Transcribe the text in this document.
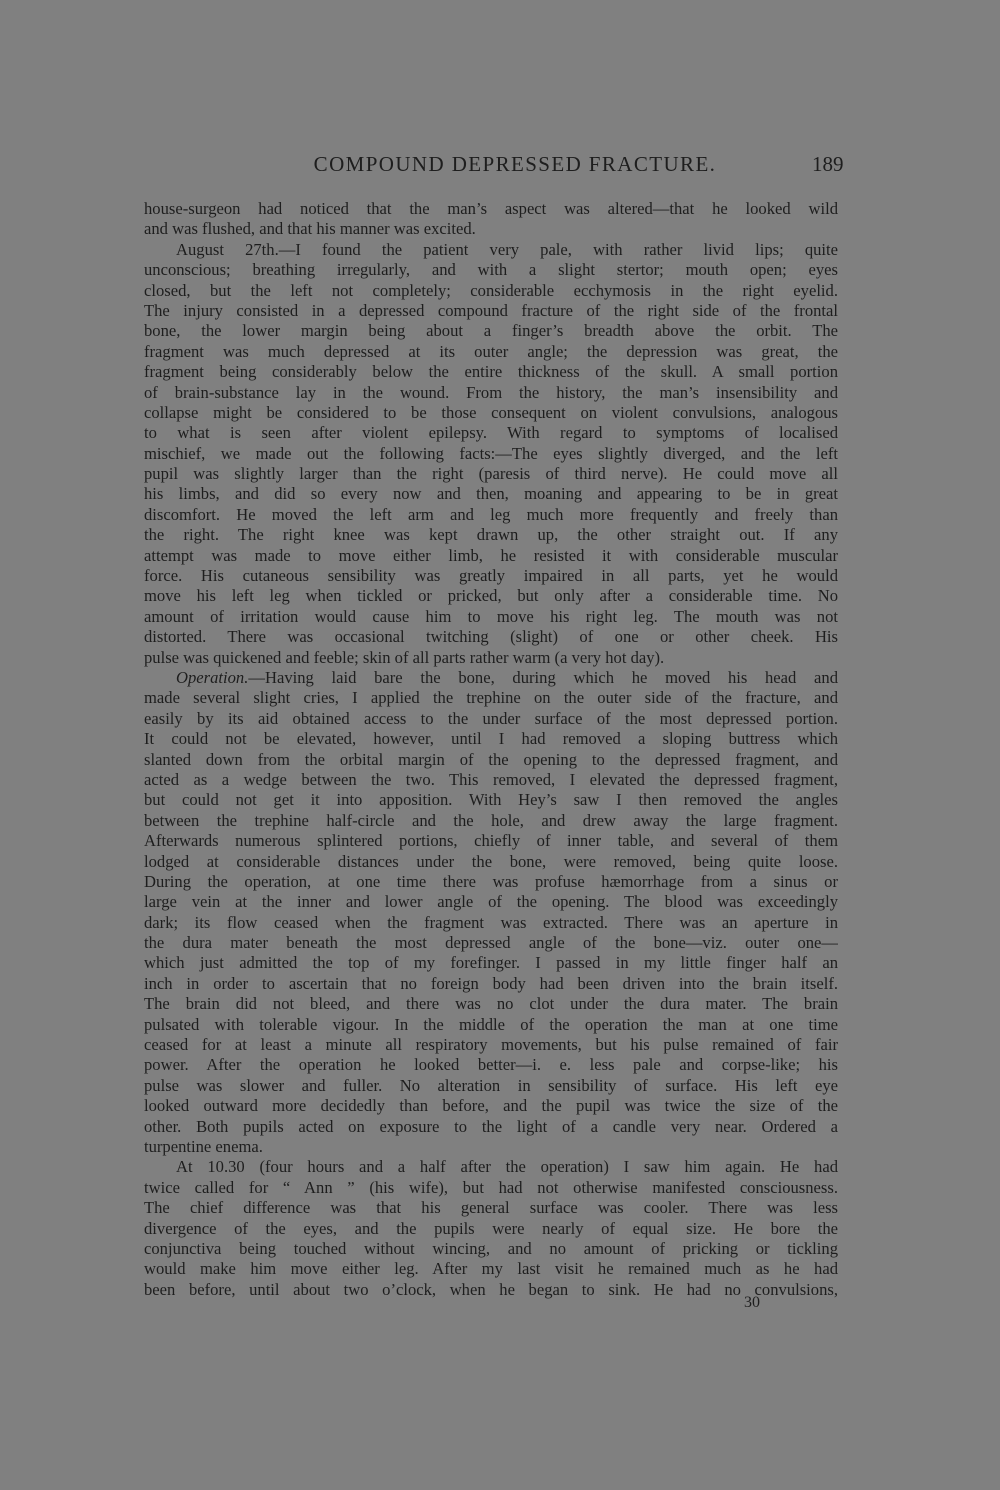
COMPOUND DEPRESSED FRACTURE.	189
house-surgeon had noticed that the man’s aspect was altered—that he looked wild
and was flushed, and that his manner was excited.
August 27th.—I found the patient very pale, with rather livid lips; quite
unconscious; breathing irregularly, and with a slight stertor; mouth open; eyes
closed, but the left not completely; considerable ecchymosis in the right eyelid.
The injury consisted in a depressed compound fracture of the right side of the frontal
bone, the lower margin being about a finger’s breadth above the orbit. The
fragment was much depressed at its outer angle; the depression was great, the
fragment being considerably below the entire thickness of the skull. A small portion
of brain-substance lay in the wound. From the history, the man’s insensibility and
collapse might be considered to be those consequent on violent convulsions, analogous
to what is seen after violent epilepsy. With regard to symptoms of localised
mischief, we made out the following facts:—The eyes slightly diverged, and the left
pupil was slightly larger than the right (paresis of third nerve). He could move all
his limbs, and did so every now and then, moaning and appearing to be in great
discomfort. He moved the left arm and leg much more frequently and freely than
the right. The right knee was kept drawn up, the other straight out. If any
attempt was made to move either limb, he resisted it with considerable muscular
force. His cutaneous sensibility was greatly impaired in all parts, yet he would
move his left leg when tickled or pricked, but only after a considerable time. No
amount of irritation would cause him to move his right leg. The mouth was not
distorted. There was occasional twitching (slight) of one or other cheek. His
pulse was quickened and feeble; skin of all parts rather warm (a very hot day).
Operation.—Having laid bare the bone, during which he moved his head and
made several slight cries, I applied the trephine on the outer side of the fracture, and
easily by its aid obtained access to the under surface of the most depressed portion.
It could not be elevated, however, until I had removed a sloping buttress which
slanted down from the orbital margin of the opening to the depressed fragment, and
acted as a wedge between the two. This removed, I elevated the depressed fragment,
but could not get it into apposition. With Hey’s saw I then removed the angles
between the trephine half-circle and the hole, and drew away the large fragment.
Afterwards numerous splintered portions, chiefly of inner table, and several of them
lodged at considerable distances under the bone, were removed, being quite loose.
During the operation, at one time there was profuse hæmorrhage from a sinus or
large vein at the inner and lower angle of the opening. The blood was exceedingly
dark; its flow ceased when the fragment was extracted. There was an aperture in
the dura mater beneath the most depressed angle of the bone—viz. outer one—
which just admitted the top of my forefinger. I passed in my little finger half an
inch in order to ascertain that no foreign body had been driven into the brain itself.
The brain did not bleed, and there was no clot under the dura mater. The brain
pulsated with tolerable vigour. In the middle of the operation the man at one time
ceased for at least a minute all respiratory movements, but his pulse remained of fair
power. After the operation he looked better—i. e. less pale and corpse-like; his
pulse was slower and fuller. No alteration in sensibility of surface. His left eye
looked outward more decidedly than before, and the pupil was twice the size of the
other. Both pupils acted on exposure to the light of a candle very near. Ordered a
turpentine enema.
At 10.30 (four hours and a half after the operation) I saw him again. He had
twice called for “ Ann ” (his wife), but had not otherwise manifested consciousness.
The chief difference was that his general surface was cooler. There was less
divergence of the eyes, and the pupils were nearly of equal size. He bore the
conjunctiva being touched without wincing, and no amount of pricking or tickling
would make him move either leg. After my last visit he remained much as he had
been before, until about two o’clock, when he began to sink. He had no convulsions,
30
